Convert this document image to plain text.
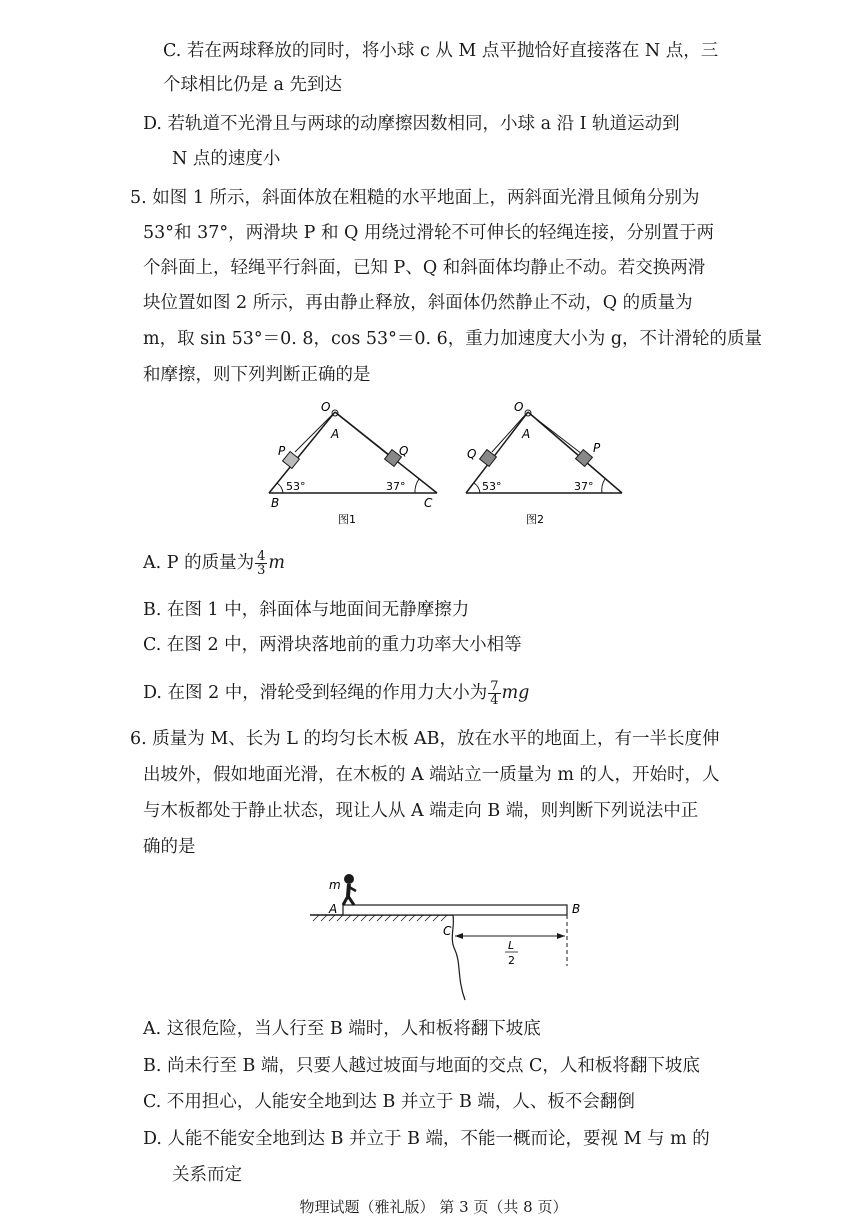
C. 若在两球释放的同时，将小球 c 从 M 点平抛恰好直接落在 N 点，三
个球相比仍是 a 先到达
D. 若轨道不光滑且与两球的动摩擦因数相同，小球 a 沿 Ⅰ 轨道运动到
N 点的速度小
5. 如图 1 所示，斜面体放在粗糙的水平地面上，两斜面光滑且倾角分别为
53°和 37°，两滑块 P 和 Q 用绕过滑轮不可伸长的轻绳连接，分别置于两
个斜面上，轻绳平行斜面，已知 P、Q 和斜面体均静止不动。若交换两滑
块位置如图 2 所示，再由静止释放，斜面体仍然静止不动，Q 的质量为
m，取 sin 53°＝0. 8，cos 53°＝0. 6，重力加速度大小为 g，不计滑轮的质量
和摩擦，则下列判断正确的是
O
A
P	Q
B	C
53°	37°
图1
O
A
Q	P
53°	37°
图2
A. P 的质量为 $\frac{4}{3}$ m
B. 在图 1 中，斜面体与地面间无静摩擦力
C. 在图 2 中，两滑块落地前的重力功率大小相等
D. 在图 2 中，滑轮受到轻绳的作用力大小为 $\frac{7}{4}$ mg
6. 质量为 M、长为 L 的均匀长木板 AB，放在水平的地面上，有一半长度伸
出坡外，假如地面光滑，在木板的 A 端站立一质量为 m 的人，开始时，人
与木板都处于静止状态，现让人从 A 端走向 B 端，则判断下列说法中正
确的是
m
A	B
C
L
2
A. 这很危险，当人行至 B 端时，人和板将翻下坡底
B. 尚未行至 B 端，只要人越过坡面与地面的交点 C，人和板将翻下坡底
C. 不用担心，人能安全地到达 B 并立于 B 端，人、板不会翻倒
D. 人能不能安全地到达 B 并立于 B 端，不能一概而论，要视 M 与 m 的
关系而定
物理试题（雅礼版） 第 3 页（共 8 页）
